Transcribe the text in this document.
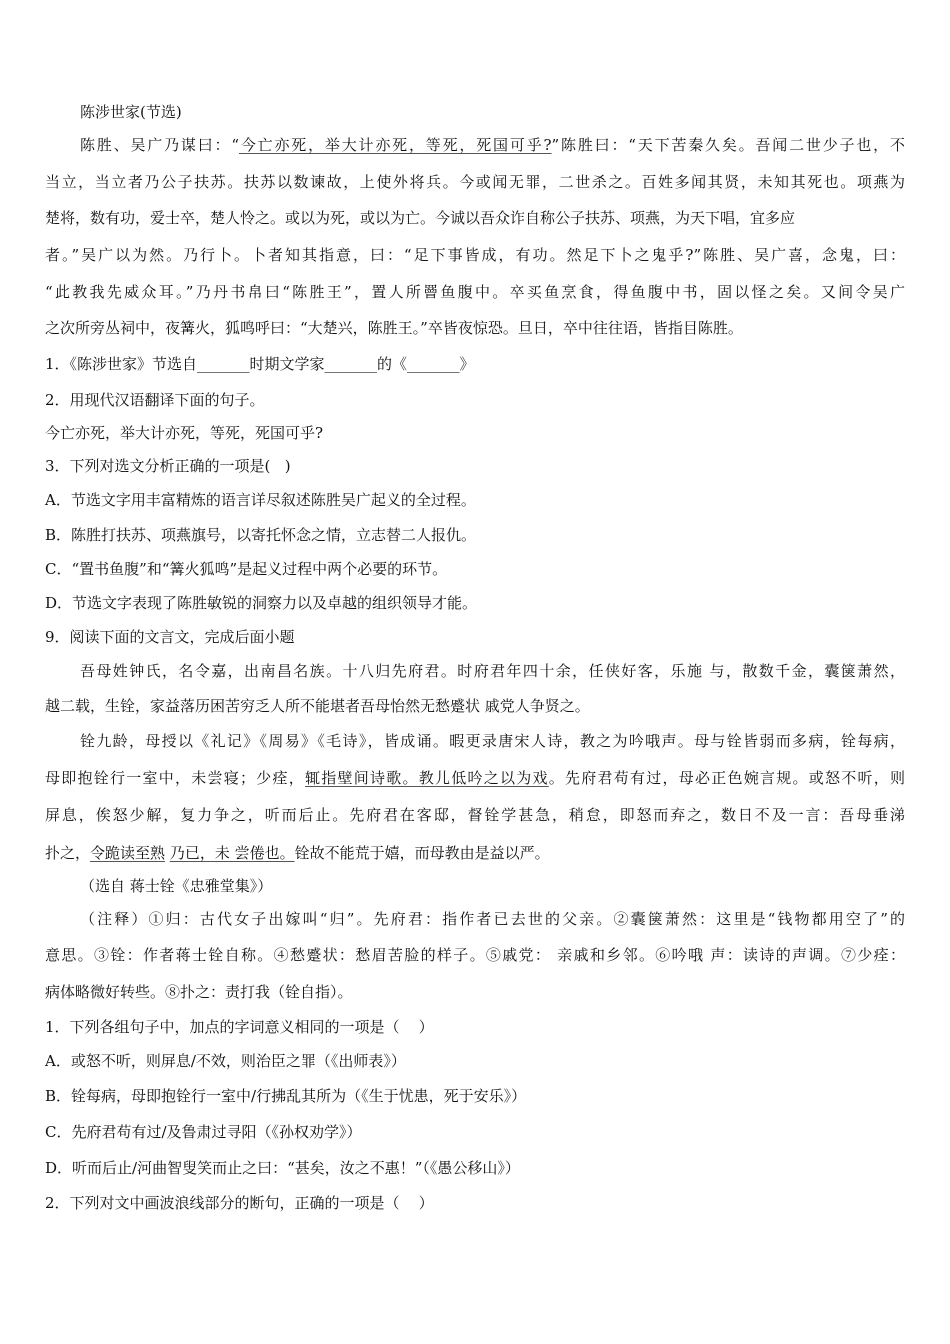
陈涉世家(节选)
陈胜、吴广乃谋曰：“今亡亦死，举大计亦死，等死，死国可乎?”陈胜曰：“天下苦秦久矣。吾闻二世少子也，不
当立，当立者乃公子扶苏。扶苏以数谏故，上使外将兵。今或闻无罪，二世杀之。百姓多闻其贤，未知其死也。项燕为
楚将，数有功，爱士卒，楚人怜之。或以为死，或以为亡。今诚以吾众诈自称公子扶苏、项燕，为天下唱，宜多应
者。”吴广以为然。乃行卜。卜者知其指意，曰：“足下事皆成，有功。然足下卜之鬼乎?”陈胜、吴广喜，念鬼，曰：
“此教我先威众耳。”乃丹书帛曰“陈胜王”，置人所罾鱼腹中。卒买鱼烹食，得鱼腹中书，固以怪之矣。又间令吴广
之次所旁丛祠中，夜篝火，狐鸣呼曰：“大楚兴，陈胜王。”卒皆夜惊恐。旦日，卒中往往语，皆指目陈胜。
1．《陈涉世家》节选自_______时期文学家_______的《_______》
2．用现代汉语翻译下面的句子。
今亡亦死，举大计亦死，等死，死国可乎?
3．下列对选文分析正确的一项是(   )
A．节选文字用丰富精炼的语言详尽叙述陈胜吴广起义的全过程。
B．陈胜打扶苏、项燕旗号，以寄托怀念之情，立志替二人报仇。
C．“置书鱼腹”和“篝火狐鸣”是起义过程中两个必要的环节。
D．节选文字表现了陈胜敏锐的洞察力以及卓越的组织领导才能。
9．阅读下面的文言文，完成后面小题
吾母姓钟氏，名令嘉，出南昌名族。十八归先府君。时府君年四十余，任侠好客，乐施 与，散数千金，囊箧萧然，
越二载，生铨，家益落历困苦穷乏人所不能堪者吾母怡然无愁蹙状 戚党人争贤之。
铨九龄，母授以《礼记》《周易》《毛诗》，皆成诵。暇更录唐宋人诗，教之为吟哦声。母与铨皆弱而多病，铨每病，
母即抱铨行一室中，未尝寝；少痊，辄指壁间诗歌。教儿低吟之以为戏。先府君苟有过，母必正色婉言规。或怒不听，则
屏息，俟怒少解，复力争之，听而后止。先府君在客邸，督铨学甚急，稍怠，即怒而弃之，数日不及一言：吾母垂涕
扑之，令跪读至熟 乃已，未 尝倦也。铨故不能荒于嬉，而母教由是益以严。
（选自 蒋士铨《忠雅堂集》）
（注释）①归：古代女子出嫁叫“归”。先府君：指作者已去世的父亲。②囊箧萧然：这里是“钱物都用空了”的
意思。③铨：作者蒋士铨自称。④愁蹙状：愁眉苦脸的样子。⑤戚党： 亲戚和乡邻。⑥吟哦 声：读诗的声调。⑦少痊：
病体略微好转些。⑧扑之：责打我（铨自指）。
1．下列各组句子中，加点的字词意义相同的一项是（    ）
A．或怒不听，则屏息/不效，则治臣之罪（《出师表》）
B．铨每病，母即抱铨行一室中/行拂乱其所为（《生于忧患，死于安乐》）
C．先府君苟有过/及鲁肃过寻阳（《孙权劝学》）
D．听而后止/河曲智叟笑而止之曰：“甚矣，汝之不惠！”（《愚公移山》）
2．下列对文中画波浪线部分的断句，正确的一项是（    ）
